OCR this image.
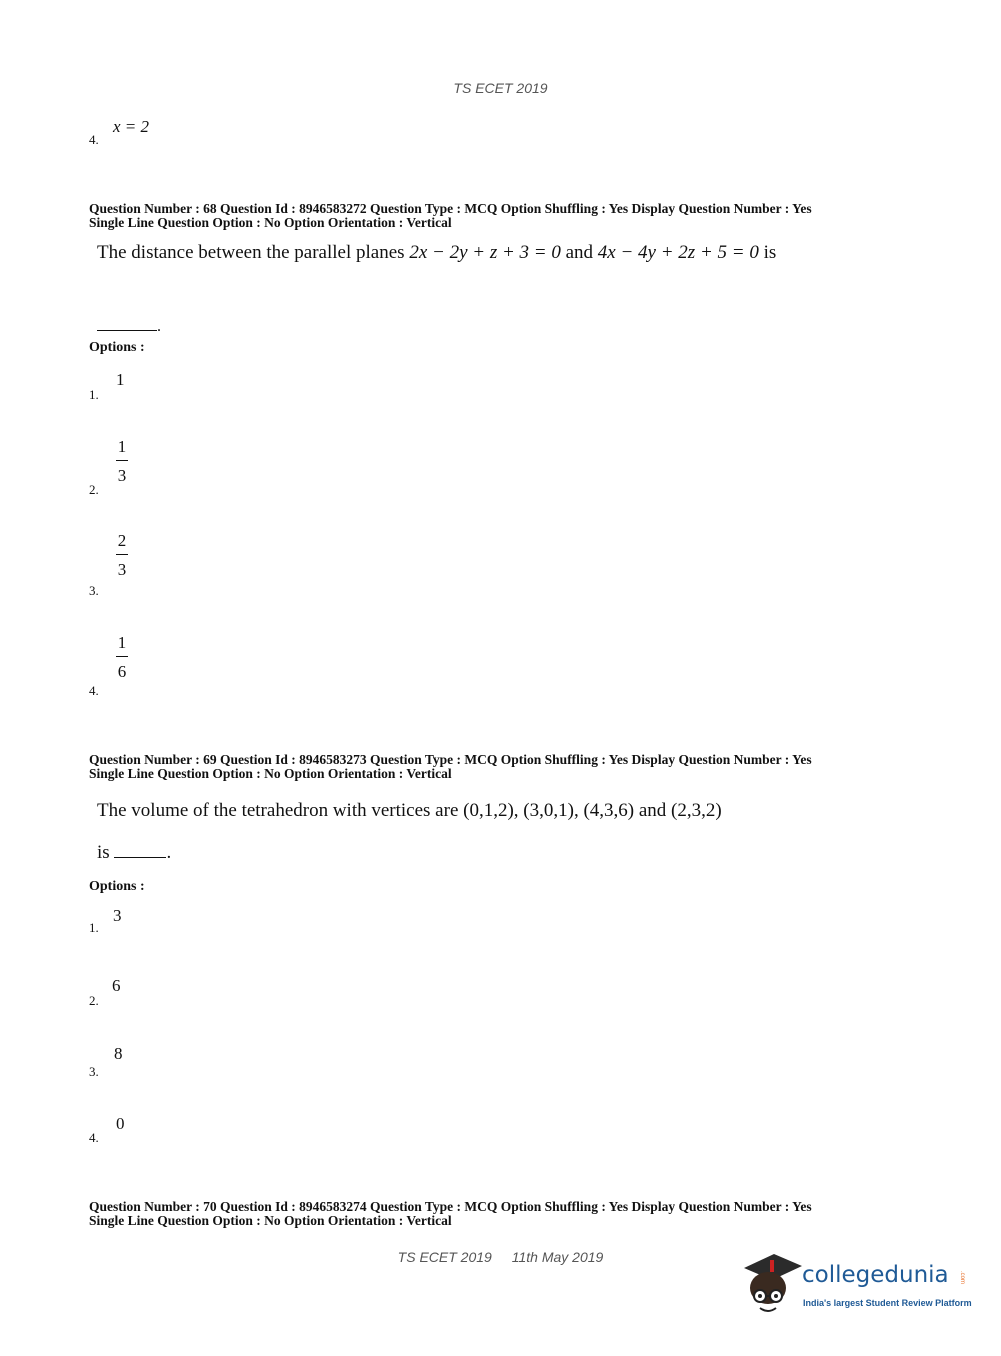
TS ECET 2019
4.
x = 2
Question Number : 68 Question Id : 8946583272 Question Type : MCQ Option Shuffling : Yes Display Question Number : Yes
Single Line Question Option : No Option Orientation : Vertical
The distance between the parallel planes 2x − 2y + z + 3 = 0 and 4x − 4y + 2z + 5 = 0 is
.
Options :
1.
1
2.
1
3
3.
2
3
4.
1
6
Question Number : 69 Question Id : 8946583273 Question Type : MCQ Option Shuffling : Yes Display Question Number : Yes
Single Line Question Option : No Option Orientation : Vertical
The volume of the tetrahedron with vertices are (0,1,2), (3,0,1), (4,3,6) and (2,3,2)
is	.
Options :
1.
3
2.
6
3.
8
4.
0
Question Number : 70 Question Id : 8946583274 Question Type : MCQ Option Shuffling : Yes Display Question Number : Yes
Single Line Question Option : No Option Orientation : Vertical
TS ECET 2019 11th May 2019
collegedunia .com
India's largest Student Review Platform
